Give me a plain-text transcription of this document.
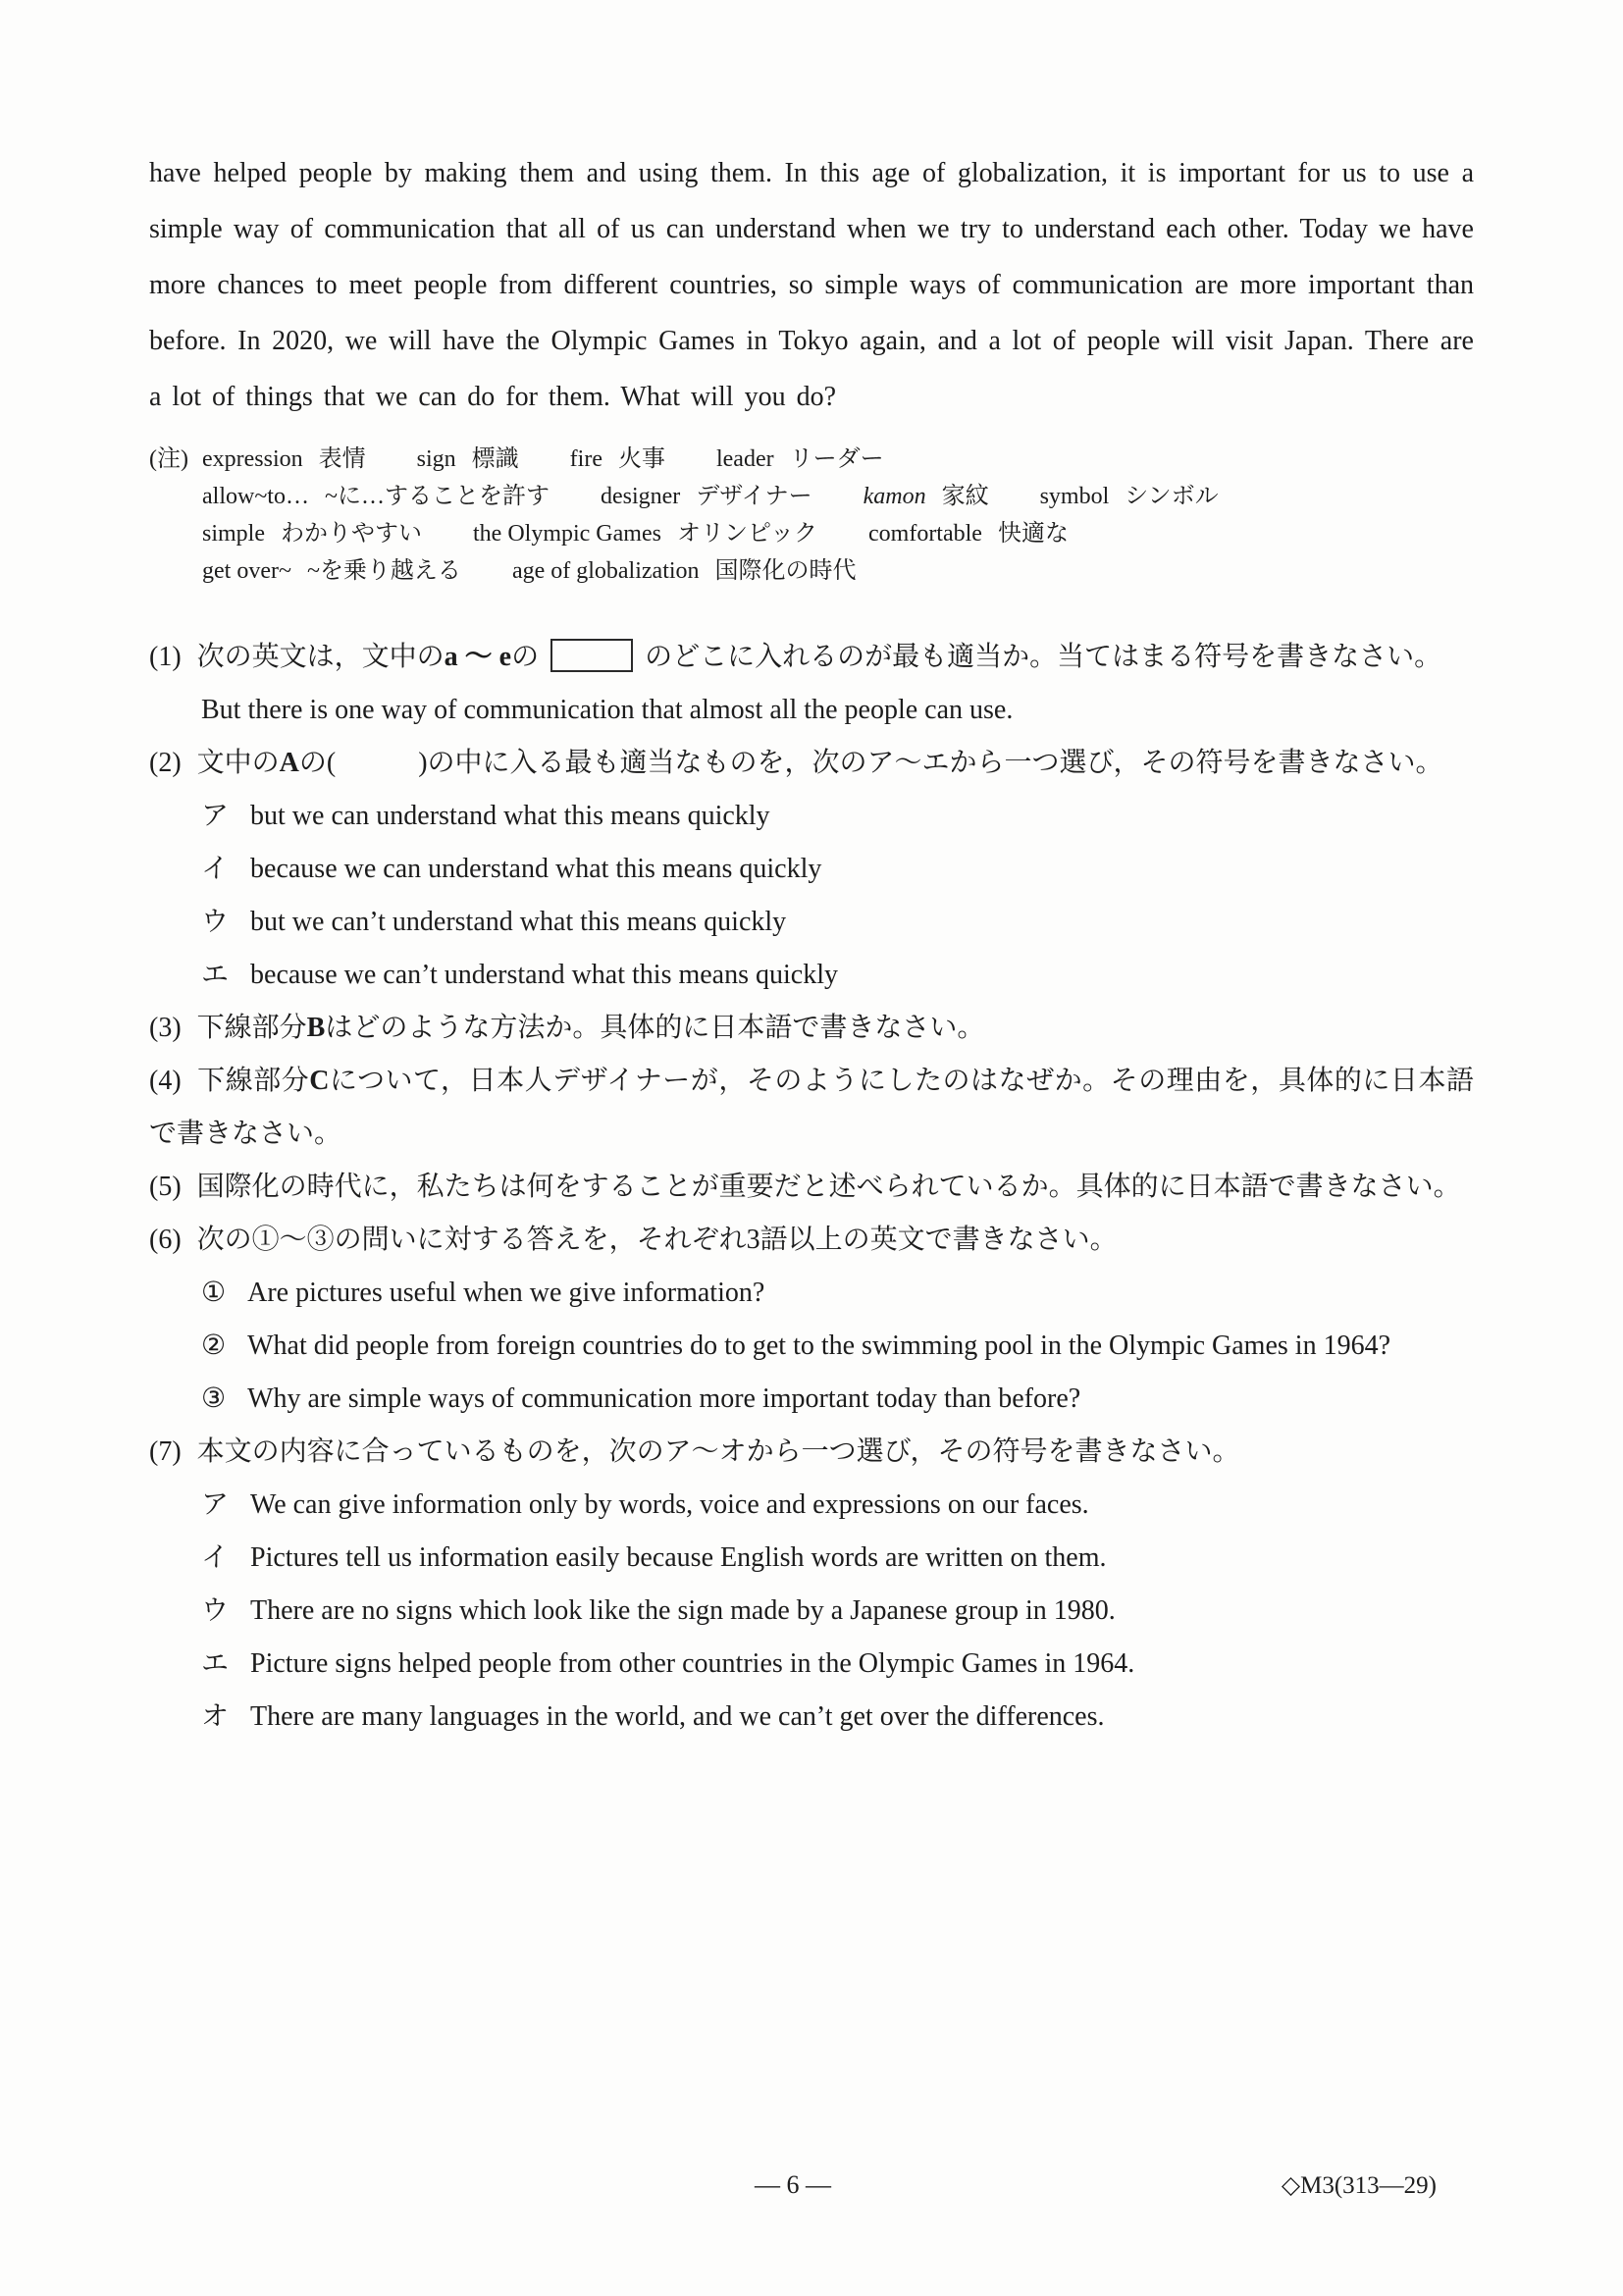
have helped people by making them and using them. In this age of globalization, it is important for us to use a simple way of communication that all of us can understand when we try to understand each other. Today we have more chances to meet people from different countries, so simple ways of communication are more important than before. In 2020, we will have the Olympic Games in Tokyo again, and a lot of people will visit Japan. There are a lot of things that we can do for them. What will you do?

(注) expression 表情 sign 標識 fire 火事 leader リーダー
allow~to… ~に…することを許す designer デザイナー kamon 家紋 symbol シンボル
simple わかりやすい the Olympic Games オリンピック comfortable 快適な
get over~ ~を乗り越える age of globalization 国際化の時代
(1) 次の英文は，文中のa ～ eの	のどこに入れるのが最も適当か。当てはまる符号を書きなさい。
But there is one way of communication that almost all the people can use.
(2) 文中のAの(　　　)の中に入る最も適当なものを，次のア～エから一つ選び，その符号を書きなさい。
ア but we can understand what this means quickly
イ because we can understand what this means quickly
ウ but we can’t understand what this means quickly
エ because we can’t understand what this means quickly
(3) 下線部分Bはどのような方法か。具体的に日本語で書きなさい。
(4) 下線部分Cについて，日本人デザイナーが，そのようにしたのはなぜか。その理由を，具体的に日本語で書きなさい。
(5) 国際化の時代に，私たちは何をすることが重要だと述べられているか。具体的に日本語で書きなさい。
(6) 次の①～③の問いに対する答えを，それぞれ3語以上の英文で書きなさい。
① Are pictures useful when we give information?
② What did people from foreign countries do to get to the swimming pool in the Olympic Games in 1964?
③ Why are simple ways of communication more important today than before?
(7) 本文の内容に合っているものを，次のア～オから一つ選び，その符号を書きなさい。
ア We can give information only by words, voice and expressions on our faces.
イ Pictures tell us information easily because English words are written on them.
ウ There are no signs which look like the sign made by a Japanese group in 1980.
エ Picture signs helped people from other countries in the Olympic Games in 1964.
オ There are many languages in the world, and we can’t get over the differences.
— 6 —	◇M3(313—29)
